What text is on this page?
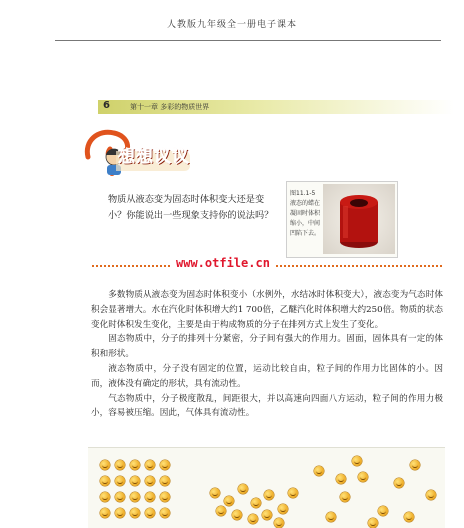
人教版九年级全一册电子课本
6	第十一章 多彩的物质世界
想想议议
物质从液态变为固态时体积变大还是变小？你能说出一些现象支持你的说法吗？
图11.1-5 液态的蜡在凝固时体积缩小，中间凹陷下去。
www.otfile.cn

多数物质从液态变为固态时体积变小（水例外，水结冰时体积变大），液态变为气态时体积会显著增大。水在汽化时体积增大约1 700倍，乙醚汽化时体积增大约250倍。物质的状态变化时体积发生变化，主要是由于构成物质的分子在排列方式上发生了变化。

固态物质中，分子的排列十分紧密，分子间有强大的作用力。固面，固体具有一定的体积和形状。

液态物质中，分子没有固定的位置，运动比较自由，粒子间的作用力比固体的小。因而，液体没有确定的形状，具有流动性。

气态物质中，分子极度散乱，间距很大，并以高速向四面八方运动，粒子间的作用力极小，容易被压缩。因此，气体具有流动性。
